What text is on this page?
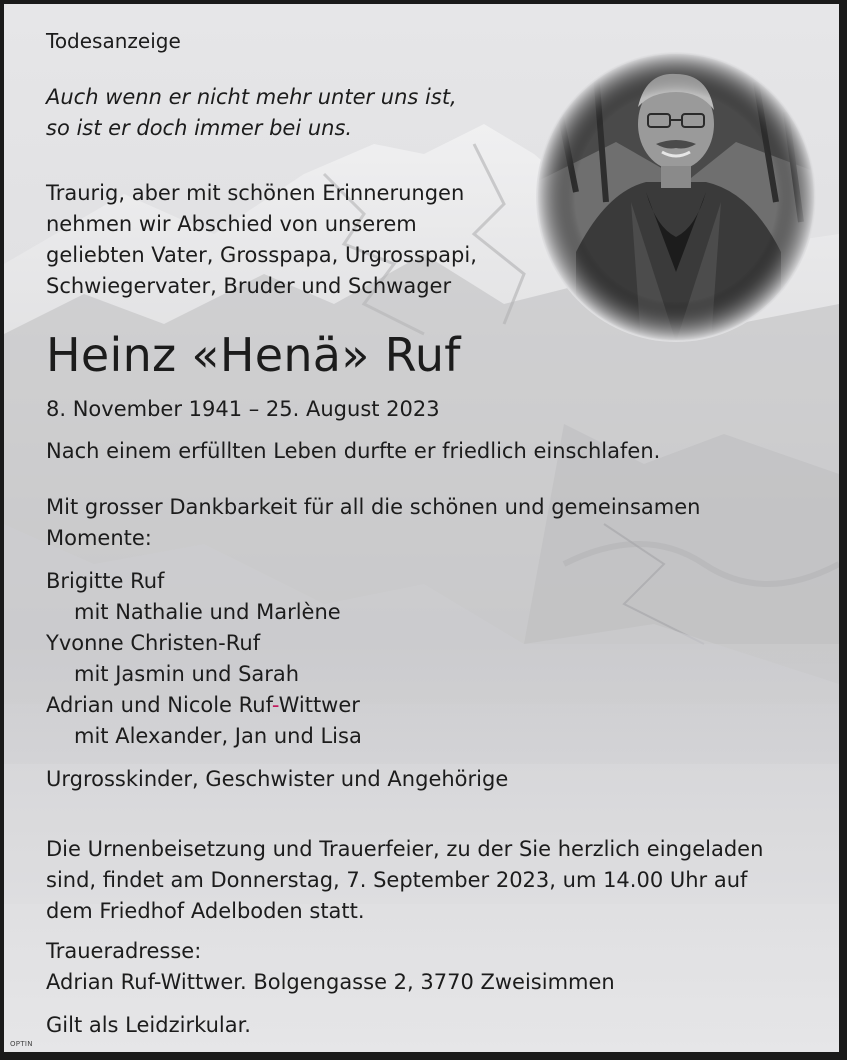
Todesanzeige
Auch wenn er nicht mehr unter uns ist,
so ist er doch immer bei uns.
Traurig, aber mit schönen Erinnerungen
nehmen wir Abschied von unserem
geliebten Vater, Grosspapa, Urgrosspapi,
Schwiegervater, Bruder und Schwager
Heinz «Henä» Ruf
8. November 1941 – 25. August 2023
Nach einem erfüllten Leben durfte er friedlich einschlafen.
Mit grosser Dankbarkeit für all die schönen und gemeinsamen
Momente:
Brigitte Ruf
mit Nathalie und Marlène
Yvonne Christen-Ruf
mit Jasmin und Sarah
Adrian und Nicole Ruf-Wittwer
mit Alexander, Jan und Lisa
Urgrosskinder, Geschwister und Angehörige
Die Urnenbeisetzung und Trauerfeier, zu der Sie herzlich eingeladen
sind, findet am Donnerstag, 7. September 2023, um 14.00 Uhr auf
dem Friedhof Adelboden statt.
Traueradresse:
Adrian Ruf-Wittwer. Bolgengasse 2, 3770 Zweisimmen
Gilt als Leidzirkular.
OPTIN
